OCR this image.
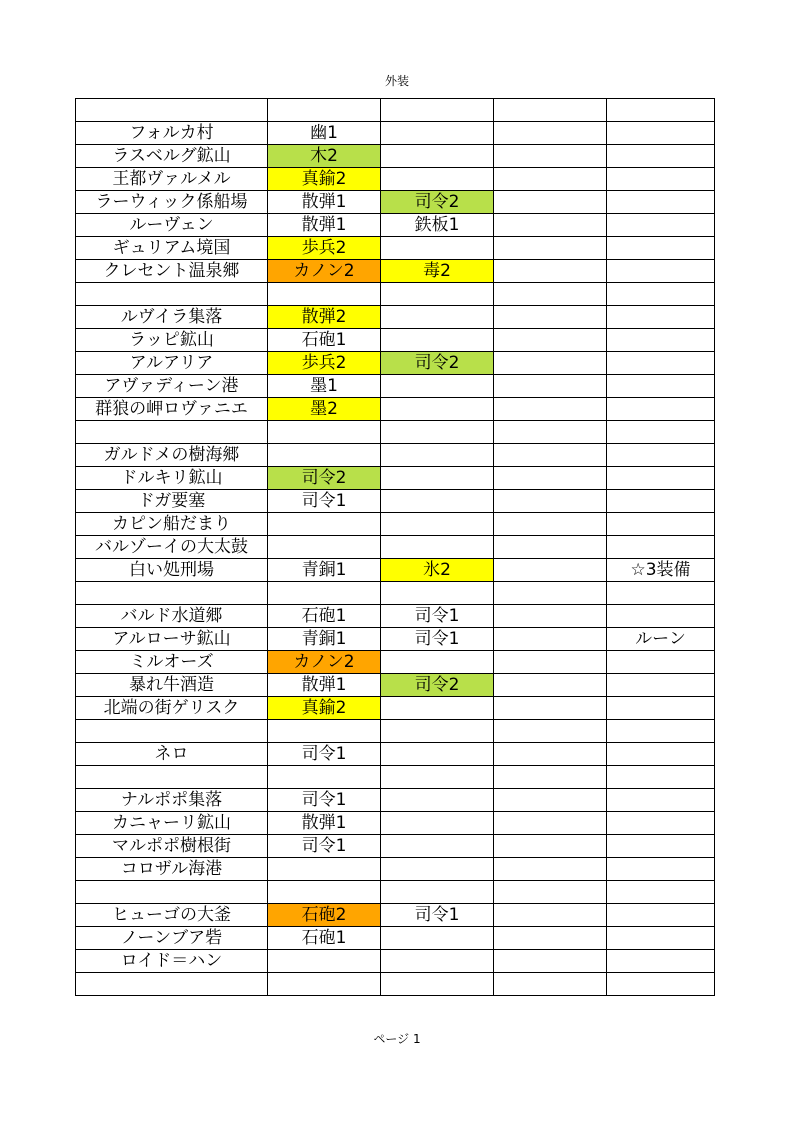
外装

フォルカ村	幽1			
ラスベルグ鉱山	木2			
王都ヴァルメル	真鍮2			
ラーウィック係船場	散弾1	司令2		
ルーヴェン	散弾1	鉄板1		
ギュリアム境国	歩兵2			
クレセント温泉郷	カノン2	毒2		

ルヴイラ集落	散弾2			
ラッピ鉱山	石砲1			
アルアリア	歩兵2	司令2		
アヴァディーン港	墨1			
群狼の岬ロヴァニエ	墨2			

ガルドメの樹海郷				
ドルキリ鉱山	司令2			
ドガ要塞	司令1			
カピン船だまり				
バルゾーイの大太鼓				
白い処刑場	青銅1	氷2		☆3装備

バルド水道郷	石砲1	司令1		
アルローサ鉱山	青銅1	司令1		ルーン
ミルオーズ	カノン2			
暴れ牛酒造	散弾1	司令2		
北端の街ゲリスク	真鍮2			

ネロ	司令1			

ナルポポ集落	司令1			
カニャーリ鉱山	散弾1			
マルポポ樹根街	司令1			
コロザル海港				

ヒューゴの大釜	石砲2	司令1		
ノーンブア砦	石砲1			
ロイド＝ハン				

ページ 1
